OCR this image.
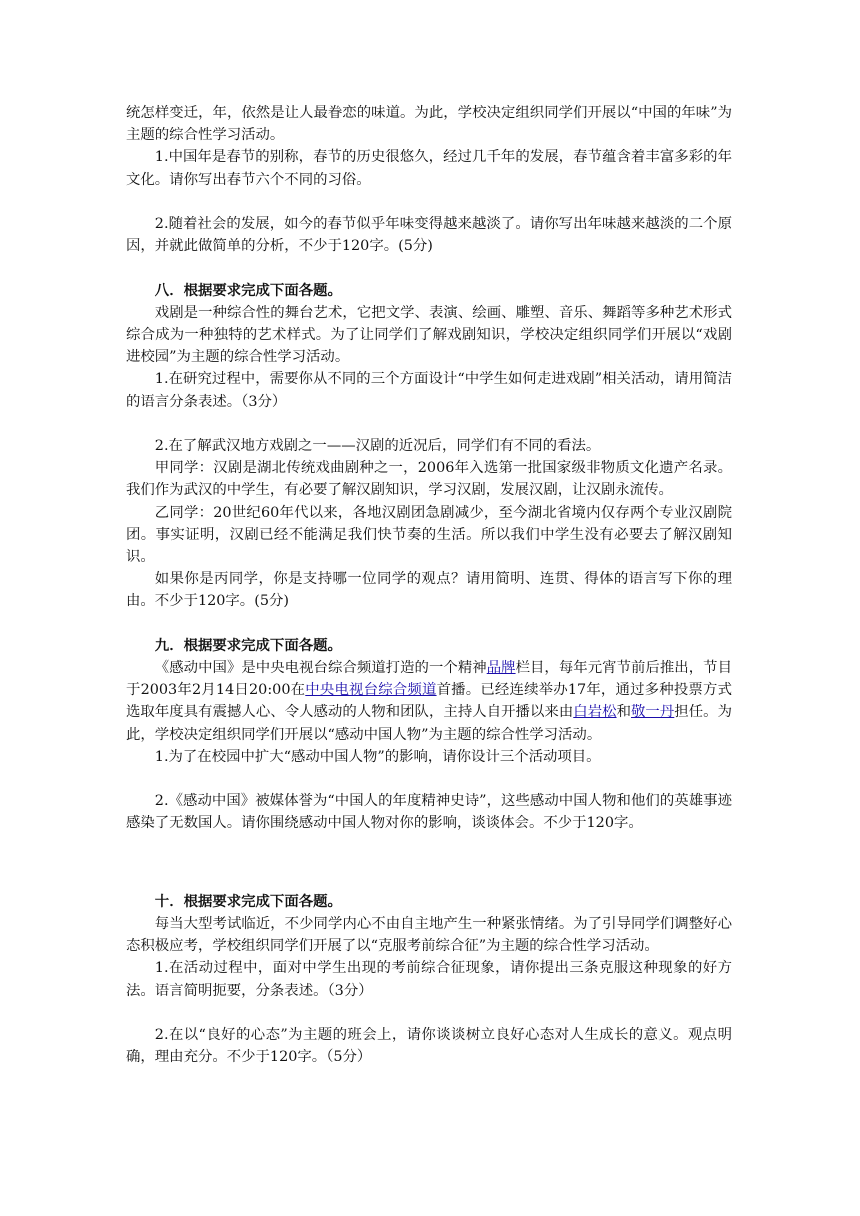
统怎样变迁，年，依然是让人最眷恋的味道。为此，学校决定组织同学们开展以“中国的年味”为主题的综合性学习活动。

1.中国年是春节的别称，春节的历史很悠久，经过几千年的发展，春节蕴含着丰富多彩的年文化。请你写出春节六个不同的习俗。

2.随着社会的发展，如今的春节似乎年味变得越来越淡了。请你写出年味越来越淡的二个原因，并就此做简单的分析，不少于120字。(5分)

八．根据要求完成下面各题。

戏剧是一种综合性的舞台艺术，它把文学、表演、绘画、雕塑、音乐、舞蹈等多种艺术形式综合成为一种独特的艺术样式。为了让同学们了解戏剧知识，学校决定组织同学们开展以“戏剧进校园”为主题的综合性学习活动。

1.在研究过程中，需要你从不同的三个方面设计“中学生如何走进戏剧”相关活动，请用简洁的语言分条表述。（3分）

2.在了解武汉地方戏剧之一——汉剧的近况后，同学们有不同的看法。

甲同学：汉剧是湖北传统戏曲剧种之一，2006年入选第一批国家级非物质文化遗产名录。我们作为武汉的中学生，有必要了解汉剧知识，学习汉剧，发展汉剧，让汉剧永流传。

乙同学：20世纪60年代以来，各地汉剧团急剧减少，至今湖北省境内仅存两个专业汉剧院团。事实证明，汉剧已经不能满足我们快节奏的生活。所以我们中学生没有必要去了解汉剧知识。

如果你是丙同学，你是支持哪一位同学的观点？请用简明、连贯、得体的语言写下你的理由。不少于120字。(5分)

九．根据要求完成下面各题。

《感动中国》是中央电视台综合频道打造的一个精神品牌栏目，每年元宵节前后推出，节目于2003年2月14日20:00在中央电视台综合频道首播。已经连续举办17年，通过多种投票方式选取年度具有震撼人心、令人感动的人物和团队，主持人自开播以来由白岩松和敬一丹担任。为此，学校决定组织同学们开展以“感动中国人物”为主题的综合性学习活动。

1.为了在校园中扩大“感动中国人物”的影响，请你设计三个活动项目。

2.《感动中国》被媒体誉为“中国人的年度精神史诗”，这些感动中国人物和他们的英雄事迹感染了无数国人。请你围绕感动中国人物对你的影响，谈谈体会。不少于120字。

十．根据要求完成下面各题。

每当大型考试临近，不少同学内心不由自主地产生一种紧张情绪。为了引导同学们调整好心态积极应考，学校组织同学们开展了以“克服考前综合征”为主题的综合性学习活动。

1.在活动过程中，面对中学生出现的考前综合征现象，请你提出三条克服这种现象的好方法。语言简明扼要，分条表述。（3分）

2.在以“良好的心态”为主题的班会上，请你谈谈树立良好心态对人生成长的意义。观点明确，理由充分。不少于120字。（5分）
